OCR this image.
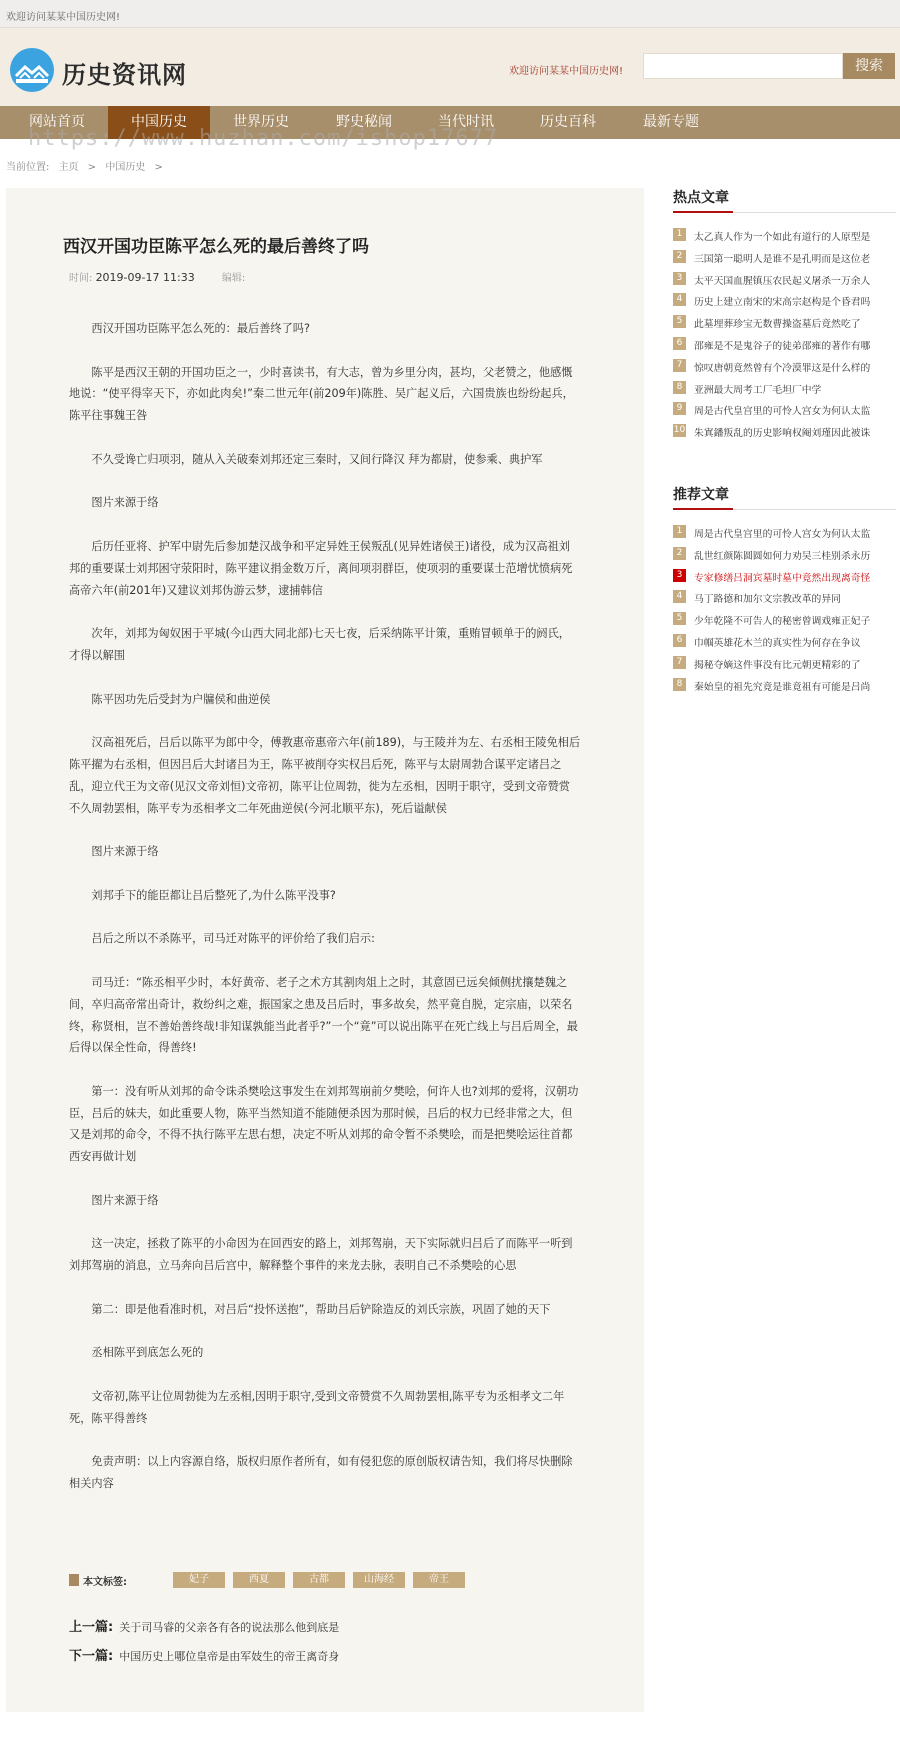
欢迎访问某某中国历史网!
历史资讯网	欢迎访问某某中国历史网!	搜索
网站首页	中国历史	世界历史	野史秘闻	当代时讯	历史百科	最新专题
https://www.huzhan.com/ishop17677
当前位置: 主页 > 中国历史 >
西汉开国功臣陈平怎么死的最后善终了吗
时间: 2019-09-17 11:33	编辑:

西汉开国功臣陈平怎么死的：最后善终了吗?

陈平是西汉王朝的开国功臣之一，少时喜读书，有大志，曾为乡里分肉，甚均，父老赞之，他感慨地说：“使平得宰天下，亦如此肉矣!”秦二世元年(前209年)陈胜、吴广起义后，六国贵族也纷纷起兵，陈平往事魏王咎

不久受谗亡归项羽，随从入关破秦刘邦还定三秦时，又间行降汉 拜为都尉，使参乘、典护军

图片来源于络

后历任亚将、护军中尉先后参加楚汉战争和平定异姓王侯叛乱(见异姓诸侯王)诸役，成为汉高祖刘邦的重要谋士刘邦困守荥阳时，陈平建议捐金数万斤，离间项羽群臣，使项羽的重要谋士范增忧愤病死高帝六年(前201年)又建议刘邦伪游云梦，逮捕韩信

次年，刘邦为匈奴困于平城(今山西大同北部)七天七夜，后采纳陈平计策，重贿冒顿单于的阏氏，才得以解围

陈平因功先后受封为户牖侯和曲逆侯

汉高祖死后，吕后以陈平为郎中令，傅教惠帝惠帝六年(前189)，与王陵并为左、右丞相王陵免相后陈平擢为右丞相，但因吕后大封诸吕为王，陈平被削夺实权吕后死，陈平与太尉周勃合谋平定诸吕之乱，迎立代王为文帝(见汉文帝刘恒)文帝初，陈平让位周勃，徙为左丞相，因明于职守，受到文帝赞赏不久周勃罢相，陈平专为丞相孝文二年死曲逆侯(今河北顺平东)，死后谥献侯

图片来源于络

刘邦手下的能臣都让吕后整死了,为什么陈平没事?

吕后之所以不杀陈平，司马迁对陈平的评价给了我们启示:

司马迁：“陈丞相平少时，本好黄帝、老子之术方其割肉俎上之时，其意固已远矣倾侧扰攘楚魏之间，卒归高帝常出奇计，救纷纠之难，振国家之患及吕后时，事多故矣，然平竟自脱，定宗庙，以荣名终，称贤相，岂不善始善终哉!非知谋孰能当此者乎?”一个“竟”可以说出陈平在死亡线上与吕后周全，最后得以保全性命，得善终!

第一：没有听从刘邦的命令诛杀樊哙这事发生在刘邦驾崩前夕樊哙，何许人也?刘邦的爱将，汉朝功臣，吕后的妹夫，如此重要人物，陈平当然知道不能随便杀因为那时候，吕后的权力已经非常之大，但又是刘邦的命令，不得不执行陈平左思右想，决定不听从刘邦的命令暂不杀樊哙，而是把樊哙运往首都西安再做计划

图片来源于络

这一决定，拯救了陈平的小命因为在回西安的路上，刘邦驾崩，天下实际就归吕后了而陈平一听到刘邦驾崩的消息，立马奔向吕后宫中，解释整个事件的来龙去脉，表明自己不杀樊哙的心思

第二：即是他看准时机，对吕后“投怀送抱”，帮助吕后铲除造反的刘氏宗族，巩固了她的天下

丞相陈平到底怎么死的

文帝初,陈平让位周勃徙为左丞相,因明于职守,受到文帝赞赏不久周勃罢相,陈平专为丞相孝文二年死，陈平得善终

免责声明：以上内容源自络，版权归原作者所有，如有侵犯您的原创版权请告知，我们将尽快删除相关内容

本文标签:	妃子	西夏	古都	山海经	帝王
上一篇: 关于司马睿的父亲各有各的说法那么他到底是
下一篇: 中国历史上哪位皇帝是由军妓生的帝王离奇身
热点文章
1	太乙真人作为一个如此有道行的人原型是
2	三国第一聪明人是谁不是孔明而是这位老
3	太平天国血腥镇压农民起义屠杀一万余人
4	历史上建立南宋的宋高宗赵构是个昏君吗
5	此墓埋葬珍宝无数曹操盗墓后竟然吃了
6	邵雍是不是鬼谷子的徒弟邵雍的著作有哪
7	惊叹唐朝竟然曾有个冷漠罪这是什么样的
8	亚洲最大周考工厂毛坦厂中学
9	周是古代皇宫里的可怜人宫女为何认太监
10 朱寘鐇叛乱的历史影响权阉刘瑾因此被诛
推荐文章
1	周是古代皇宫里的可怜人宫女为何认太监
2	乱世红颜陈圆圆如何力劝吴三桂别杀永历
3	专家修缮吕洞宾墓时墓中竟然出现离奇怪
4	马丁路德和加尔文宗教改革的异同
5	少年乾隆不可告人的秘密曾调戏雍正妃子
6	巾帼英雄花木兰的真实性为何存在争议
7	揭秘夺嫡这件事没有比元朝更精彩的了
8	秦始皇的祖先究竟是谁竟祖有可能是吕尚
